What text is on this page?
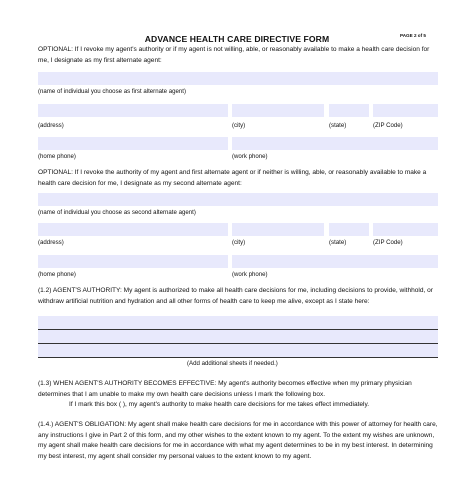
ADVANCE HEALTH CARE DIRECTIVE FORM	PAGE 2 of 5
OPTIONAL: If I revoke my agent's authority or if my agent is not willing, able, or reasonably available to make a health care decision for me, I designate as my first alternate agent:
(name of individual you choose as first alternate agent)
(address)	(city)	(state)	(ZIP Code)
(home phone)	(work phone)
OPTIONAL: If I revoke the authority of my agent and first alternate agent or if neither is willing, able, or reasonably available to make a health care decision for me, I designate as my second alternate agent:
(name of individual you choose as second alternate agent)
(address)	(city)	(state)	(ZIP Code)
(home phone)	(work phone)
(1.2) AGENT'S AUTHORITY: My agent is authorized to make all health care decisions for me, including decisions to provide, withhold, or withdraw artificial nutrition and hydration and all other forms of health care to keep me alive, except as I state here:
(Add additional sheets if needed.)
(1.3) WHEN AGENT'S AUTHORITY BECOMES EFFECTIVE: My agent's authority becomes effective when my primary physician determines that I am unable to make my own health care decisions unless I mark the following box.
If I mark this box ( ), my agent's authority to make health care decisions for me takes effect immediately.
(1.4.) AGENT'S OBLIGATION: My agent shall make health care decisions for me in accordance with this power of attorney for health care, any instructions I give in Part 2 of this form, and my other wishes to the extent known to my agent. To the extent my wishes are unknown, my agent shall make health care decisions for me in accordance with what my agent determines to be in my best interest. In determining my best interest, my agent shall consider my personal values to the extent known to my agent.
